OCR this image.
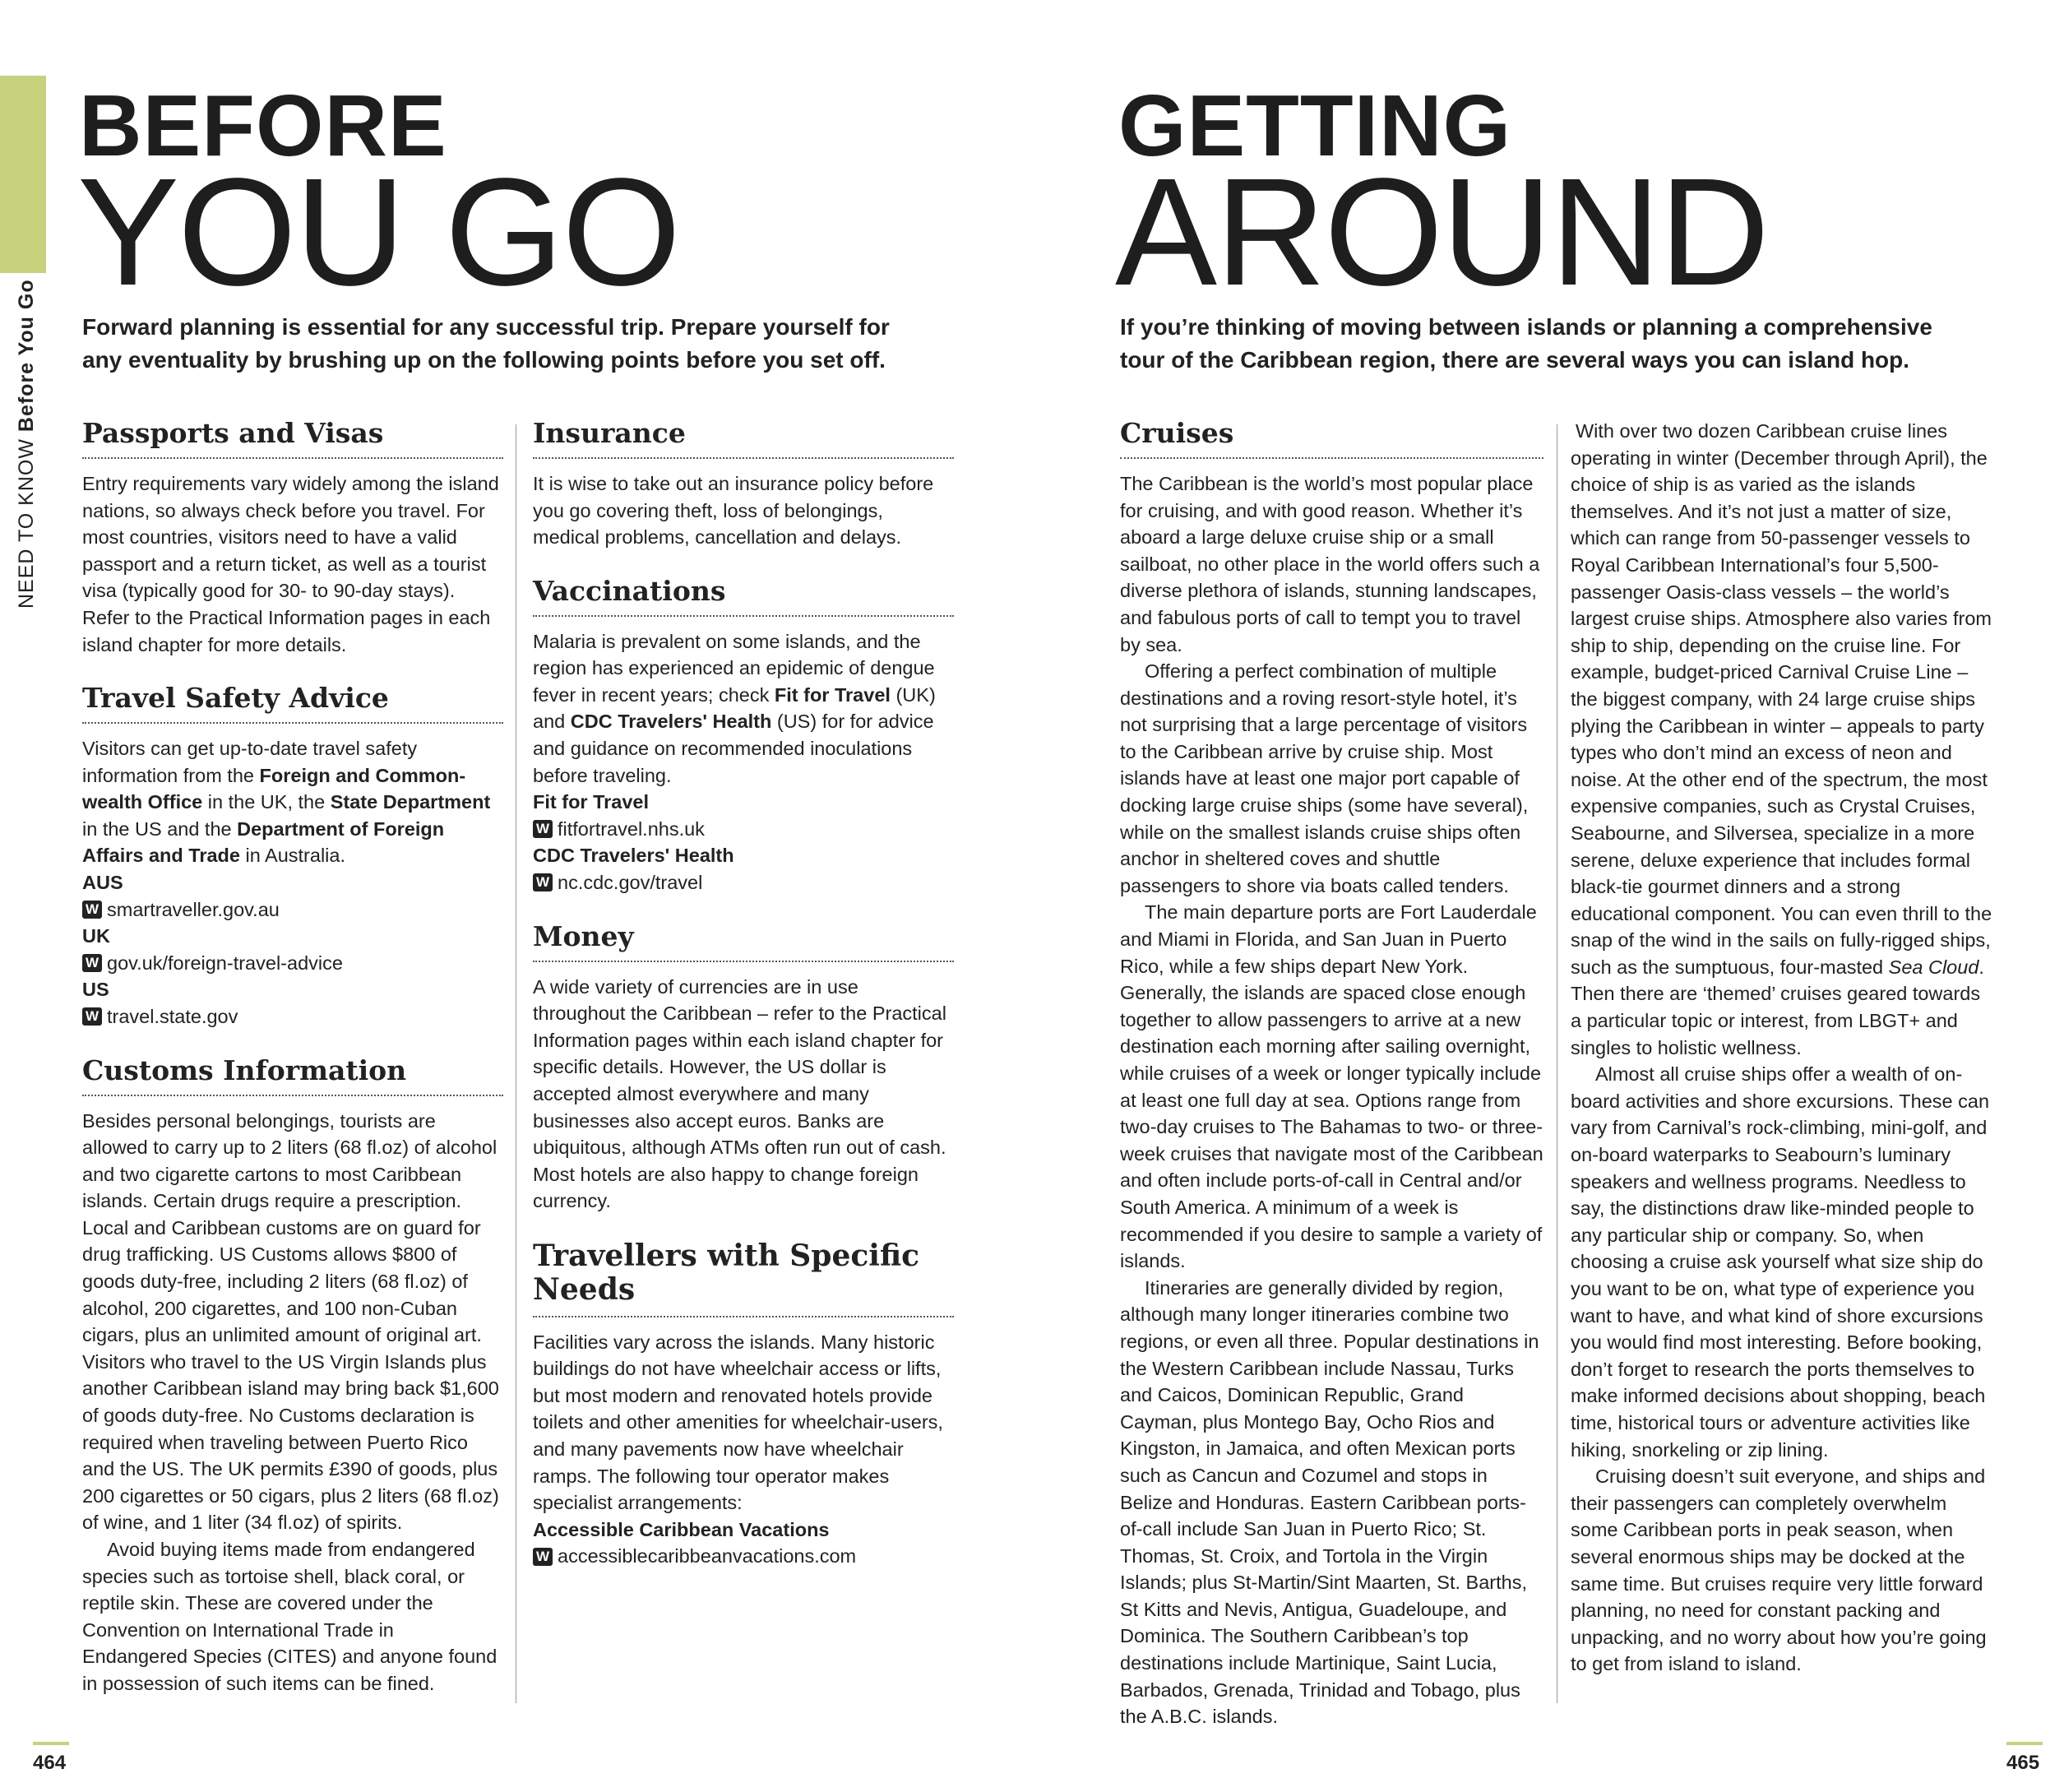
NEED TO KNOW Before You Go
BEFORE
YOU GO
Forward planning is essential for any successful trip. Prepare yourself for
any eventuality by brushing up on the following points before you set off.
GETTING
AROUND
If you’re thinking of moving between islands or planning a comprehensive
tour of the Caribbean region, there are several ways you can island hop.
Passports and Visas

Entry requirements vary widely among the island nations, so always check before you travel. For most countries, visitors need to have a valid passport and a return ticket, as well as a tourist visa (typically good for 30- to 90-day stays). Refer to the Practical Information pages in each island chapter for more details.

Travel Safety Advice

Visitors can get up-to-date travel safety information from the Foreign and Commonwealth Office in the UK, the State Department in the US and the Department of Foreign Affairs and Trade in Australia.

AUS
W smartraveller.gov.au
UK
W gov.uk/foreign-travel-advice
US
W travel.state.gov
Customs Information

Besides personal belongings, tourists are allowed to carry up to 2 liters (68 fl.oz) of alcohol and two cigarette cartons to most Caribbean islands. Certain drugs require a prescription. Local and Caribbean customs are on guard for drug trafficking. US Customs allows $800 of goods duty-free, including 2 liters (68 fl.oz) of alcohol, 200 cigarettes, and 100 non-Cuban cigars, plus an unlimited amount of original art. Visitors who travel to the US Virgin Islands plus another Caribbean island may bring back $1,600 of goods duty-free. No Customs declaration is required when traveling between Puerto Rico and the US. The UK permits £390 of goods, plus 200 cigarettes or 50 cigars, plus 2 liters (68 fl.oz) of wine, and 1 liter (34 fl.oz) of spirits.

Avoid buying items made from endangered species such as tortoise shell, black coral, or reptile skin. These are covered under the Convention on International Trade in Endangered Species (CITES) and anyone found in possession of such items can be fined.

Insurance

It is wise to take out an insurance policy before you go covering theft, loss of belongings, medical problems, cancellation and delays.

Vaccinations

Malaria is prevalent on some islands, and the region has experienced an epidemic of dengue fever in recent years; check Fit for Travel (UK) and CDC Travelers' Health (US) for for advice and guidance on recommended inoculations before traveling.

Fit for Travel
W fitfortravel.nhs.uk
CDC Travelers' Health
W nc.cdc.gov/travel
Money

A wide variety of currencies are in use throughout the Caribbean – refer to the Practical Information pages within each island chapter for specific details. However, the US dollar is accepted almost everywhere and many businesses also accept euros. Banks are ubiquitous, although ATMs often run out of cash. Most hotels are also happy to change foreign currency.

Travellers with Specific Needs

Facilities vary across the islands. Many historic buildings do not have wheelchair access or lifts, but most modern and renovated hotels provide toilets and other amenities for wheelchair-users, and many pavements now have wheelchair ramps. The following tour operator makes specialist arrangements:

Accessible Caribbean Vacations
W accessiblecaribbeanvacations.com
Cruises

The Caribbean is the world’s most popular place for cruising, and with good reason. Whether it’s aboard a large deluxe cruise ship or a small sailboat, no other place in the world offers such a diverse plethora of islands, stunning landscapes, and fabulous ports of call to tempt you to travel by sea.

Offering a perfect combination of multiple destinations and a roving resort-style hotel, it’s not surprising that a large percentage of visitors to the Caribbean arrive by cruise ship. Most islands have at least one major port capable of docking large cruise ships (some have several), while on the smallest islands cruise ships often anchor in sheltered coves and shuttle passengers to shore via boats called tenders.

The main departure ports are Fort Lauderdale and Miami in Florida, and San Juan in Puerto Rico, while a few ships depart New York. Generally, the islands are spaced close enough together to allow passengers to arrive at a new destination each morning after sailing overnight, while cruises of a week or longer typically include at least one full day at sea. Options range from two-day cruises to The Bahamas to two- or three-week cruises that navigate most of the Caribbean and often include ports-of-call in Central and/or South America. A minimum of a week is recommended if you desire to sample a variety of islands.

Itineraries are generally divided by region, although many longer itineraries combine two regions, or even all three. Popular destinations in the Western Caribbean include Nassau, Turks and Caicos, Dominican Republic, Grand Cayman, plus Montego Bay, Ocho Rios and Kingston, in Jamaica, and often Mexican ports such as Cancun and Cozumel and stops in Belize and Honduras. Eastern Caribbean ports-of-call include San Juan in Puerto Rico; St. Thomas, St. Croix, and Tortola in the Virgin Islands; plus St-Martin/Sint Maarten, St. Barths, St Kitts and Nevis, Antigua, Guadeloupe, and Dominica. The Southern Caribbean’s top destinations include Martinique, Saint Lucia, Barbados, Grenada, Trinidad and Tobago, plus the A.B.C. islands.

With over two dozen Caribbean cruise lines operating in winter (December through April), the choice of ship is as varied as the islands themselves. And it’s not just a matter of size, which can range from 50-passenger vessels to Royal Caribbean International’s four 5,500-passenger Oasis-class vessels – the world’s largest cruise ships. Atmosphere also varies from ship to ship, depending on the cruise line. For example, budget-priced Carnival Cruise Line – the biggest company, with 24 large cruise ships plying the Caribbean in winter – appeals to party types who don’t mind an excess of neon and noise. At the other end of the spectrum, the most expensive companies, such as Crystal Cruises, Seabourne, and Silversea, specialize in a more serene, deluxe experience that includes formal black-tie gourmet dinners and a strong educational component. You can even thrill to the snap of the wind in the sails on fully-rigged ships, such as the sumptuous, four-masted Sea Cloud. Then there are ‘themed’ cruises geared towards a particular topic or interest, from LBGT+ and singles to holistic wellness.

Almost all cruise ships offer a wealth of onboard activities and shore excursions. These can vary from Carnival’s rock-climbing, mini-golf, and on-board waterparks to Seabourn’s luminary speakers and wellness programs. Needless to say, the distinctions draw like-minded people to any particular ship or company. So, when choosing a cruise ask yourself what size ship do you want to be on, what type of experience you want to have, and what kind of shore excursions you would find most interesting. Before booking, don’t forget to research the ports themselves to make informed decisions about shopping, beach time, historical tours or adventure activities like hiking, snorkeling or zip lining.

Cruising doesn’t suit everyone, and ships and their passengers can completely overwhelm some Caribbean ports in peak season, when several enormous ships may be docked at the same time. But cruises require very little forward planning, no need for constant packing and unpacking, and no worry about how you’re going to get from island to island.

464	465
